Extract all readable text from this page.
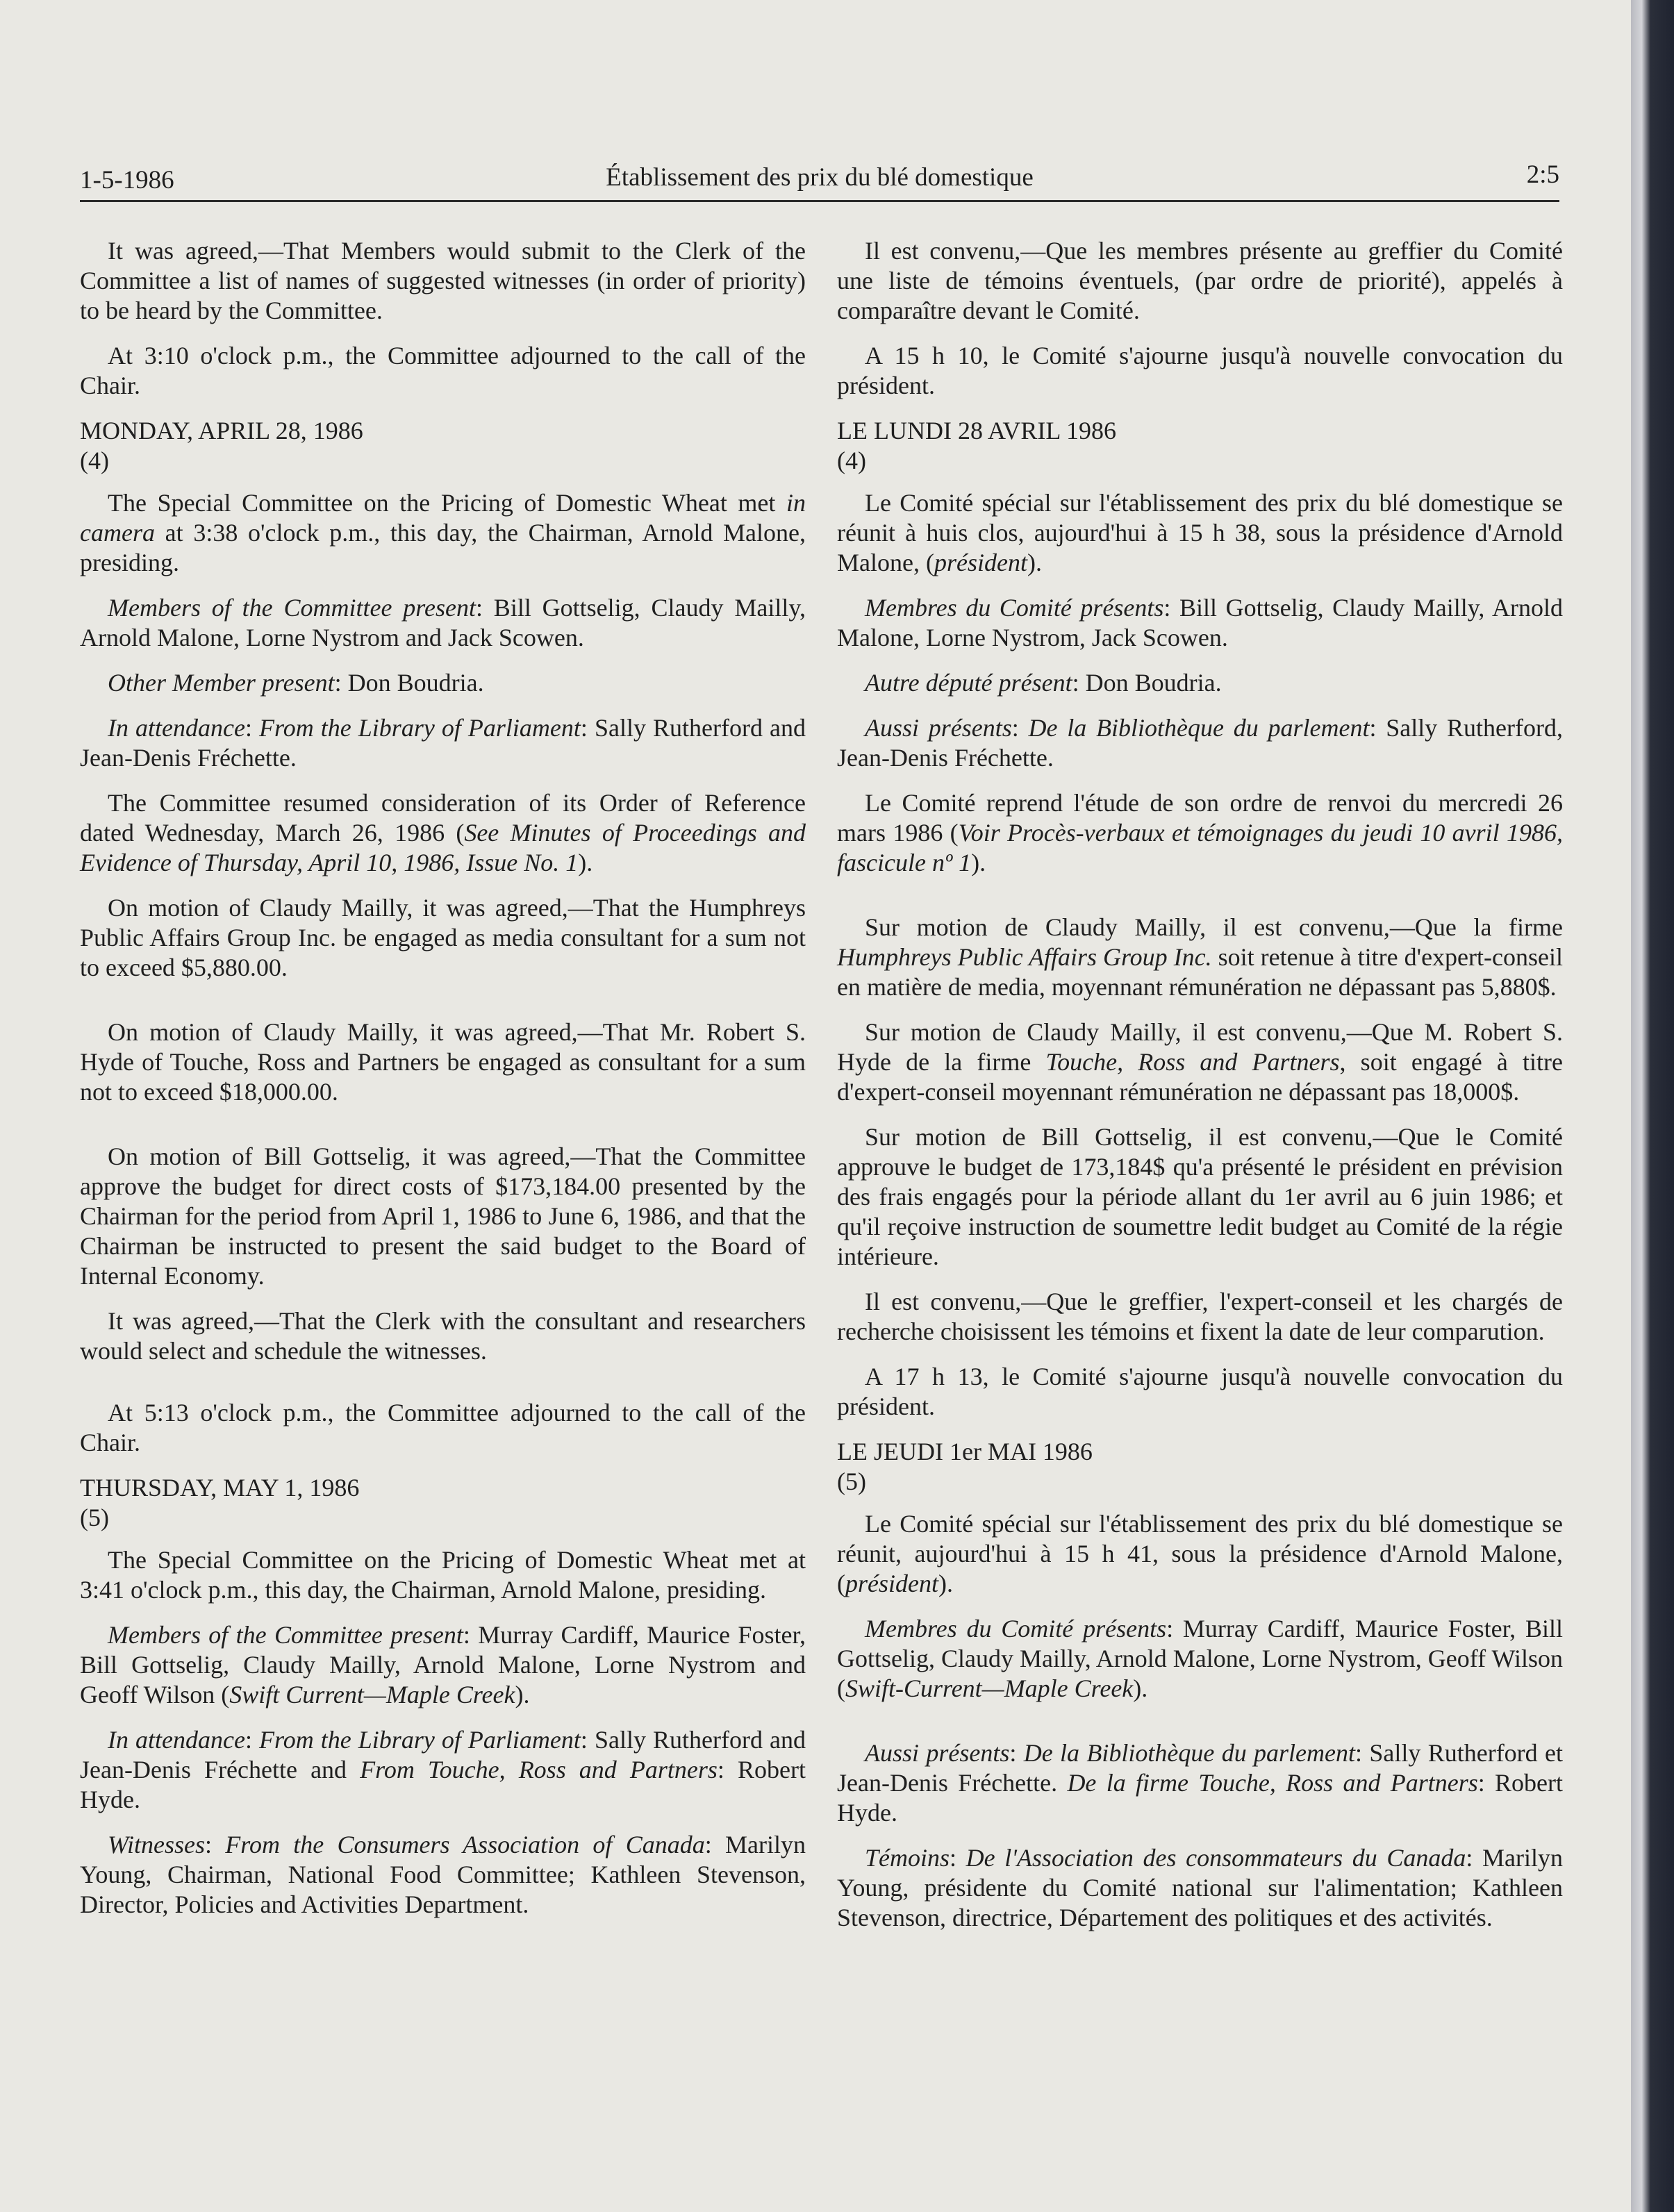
1-5-1986	Établissement des prix du blé domestique	2:5

It was agreed,—That Members would submit to the Clerk of the Committee a list of names of suggested witnesses (in order of priority) to be heard by the Committee.

At 3:10 o'clock p.m., the Committee adjourned to the call of the Chair.

MONDAY, APRIL 28, 1986

(4)

The Special Committee on the Pricing of Domestic Wheat met in camera at 3:38 o'clock p.m., this day, the Chairman, Arnold Malone, presiding.

Members of the Committee present: Bill Gottselig, Claudy Mailly, Arnold Malone, Lorne Nystrom and Jack Scowen.

Other Member present: Don Boudria.

In attendance: From the Library of Parliament: Sally Rutherford and Jean-Denis Fréchette.

The Committee resumed consideration of its Order of Reference dated Wednesday, March 26, 1986 (See Minutes of Proceedings and Evidence of Thursday, April 10, 1986, Issue No. 1).

On motion of Claudy Mailly, it was agreed,—That the Humphreys Public Affairs Group Inc. be engaged as media consultant for a sum not to exceed $5,880.00.

On motion of Claudy Mailly, it was agreed,—That Mr. Robert S. Hyde of Touche, Ross and Partners be engaged as consultant for a sum not to exceed $18,000.00.

On motion of Bill Gottselig, it was agreed,—That the Committee approve the budget for direct costs of $173,184.00 presented by the Chairman for the period from April 1, 1986 to June 6, 1986, and that the Chairman be instructed to present the said budget to the Board of Internal Economy.

It was agreed,—That the Clerk with the consultant and researchers would select and schedule the witnesses.

At 5:13 o'clock p.m., the Committee adjourned to the call of the Chair.

THURSDAY, MAY 1, 1986

(5)

The Special Committee on the Pricing of Domestic Wheat met at 3:41 o'clock p.m., this day, the Chairman, Arnold Malone, presiding.

Members of the Committee present: Murray Cardiff, Maurice Foster, Bill Gottselig, Claudy Mailly, Arnold Malone, Lorne Nystrom and Geoff Wilson (Swift Current—Maple Creek).

In attendance: From the Library of Parliament: Sally Rutherford and Jean-Denis Fréchette and From Touche, Ross and Partners: Robert Hyde.

Witnesses: From the Consumers Association of Canada: Marilyn Young, Chairman, National Food Committee; Kathleen Stevenson, Director, Policies and Activities Department.

Il est convenu,—Que les membres présente au greffier du Comité une liste de témoins éventuels, (par ordre de priorité), appelés à comparaître devant le Comité.

A 15 h 10, le Comité s'ajourne jusqu'à nouvelle convocation du président.

LE LUNDI 28 AVRIL 1986

(4)

Le Comité spécial sur l'établissement des prix du blé domestique se réunit à huis clos, aujourd'hui à 15 h 38, sous la présidence d'Arnold Malone, (président).

Membres du Comité présents: Bill Gottselig, Claudy Mailly, Arnold Malone, Lorne Nystrom, Jack Scowen.

Autre député présent: Don Boudria.

Aussi présents: De la Bibliothèque du parlement: Sally Rutherford, Jean-Denis Fréchette.

Le Comité reprend l'étude de son ordre de renvoi du mercredi 26 mars 1986 (Voir Procès-verbaux et témoignages du jeudi 10 avril 1986, fascicule nº 1).

Sur motion de Claudy Mailly, il est convenu,—Que la firme Humphreys Public Affairs Group Inc. soit retenue à titre d'expert-conseil en matière de media, moyennant rémunération ne dépassant pas 5,880$.

Sur motion de Claudy Mailly, il est convenu,—Que M. Robert S. Hyde de la firme Touche, Ross and Partners, soit engagé à titre d'expert-conseil moyennant rémunération ne dépassant pas 18,000$.

Sur motion de Bill Gottselig, il est convenu,—Que le Comité approuve le budget de 173,184$ qu'a présenté le président en prévision des frais engagés pour la période allant du 1er avril au 6 juin 1986; et qu'il reçoive instruction de soumettre ledit budget au Comité de la régie intérieure.

Il est convenu,—Que le greffier, l'expert-conseil et les chargés de recherche choisissent les témoins et fixent la date de leur comparution.

A 17 h 13, le Comité s'ajourne jusqu'à nouvelle convocation du président.

LE JEUDI 1er MAI 1986

(5)

Le Comité spécial sur l'établissement des prix du blé domestique se réunit, aujourd'hui à 15 h 41, sous la présidence d'Arnold Malone, (président).

Membres du Comité présents: Murray Cardiff, Maurice Foster, Bill Gottselig, Claudy Mailly, Arnold Malone, Lorne Nystrom, Geoff Wilson (Swift-Current—Maple Creek).

Aussi présents: De la Bibliothèque du parlement: Sally Rutherford et Jean-Denis Fréchette. De la firme Touche, Ross and Partners: Robert Hyde.

Témoins: De l'Association des consommateurs du Canada: Marilyn Young, présidente du Comité national sur l'alimentation; Kathleen Stevenson, directrice, Département des politiques et des activités.
